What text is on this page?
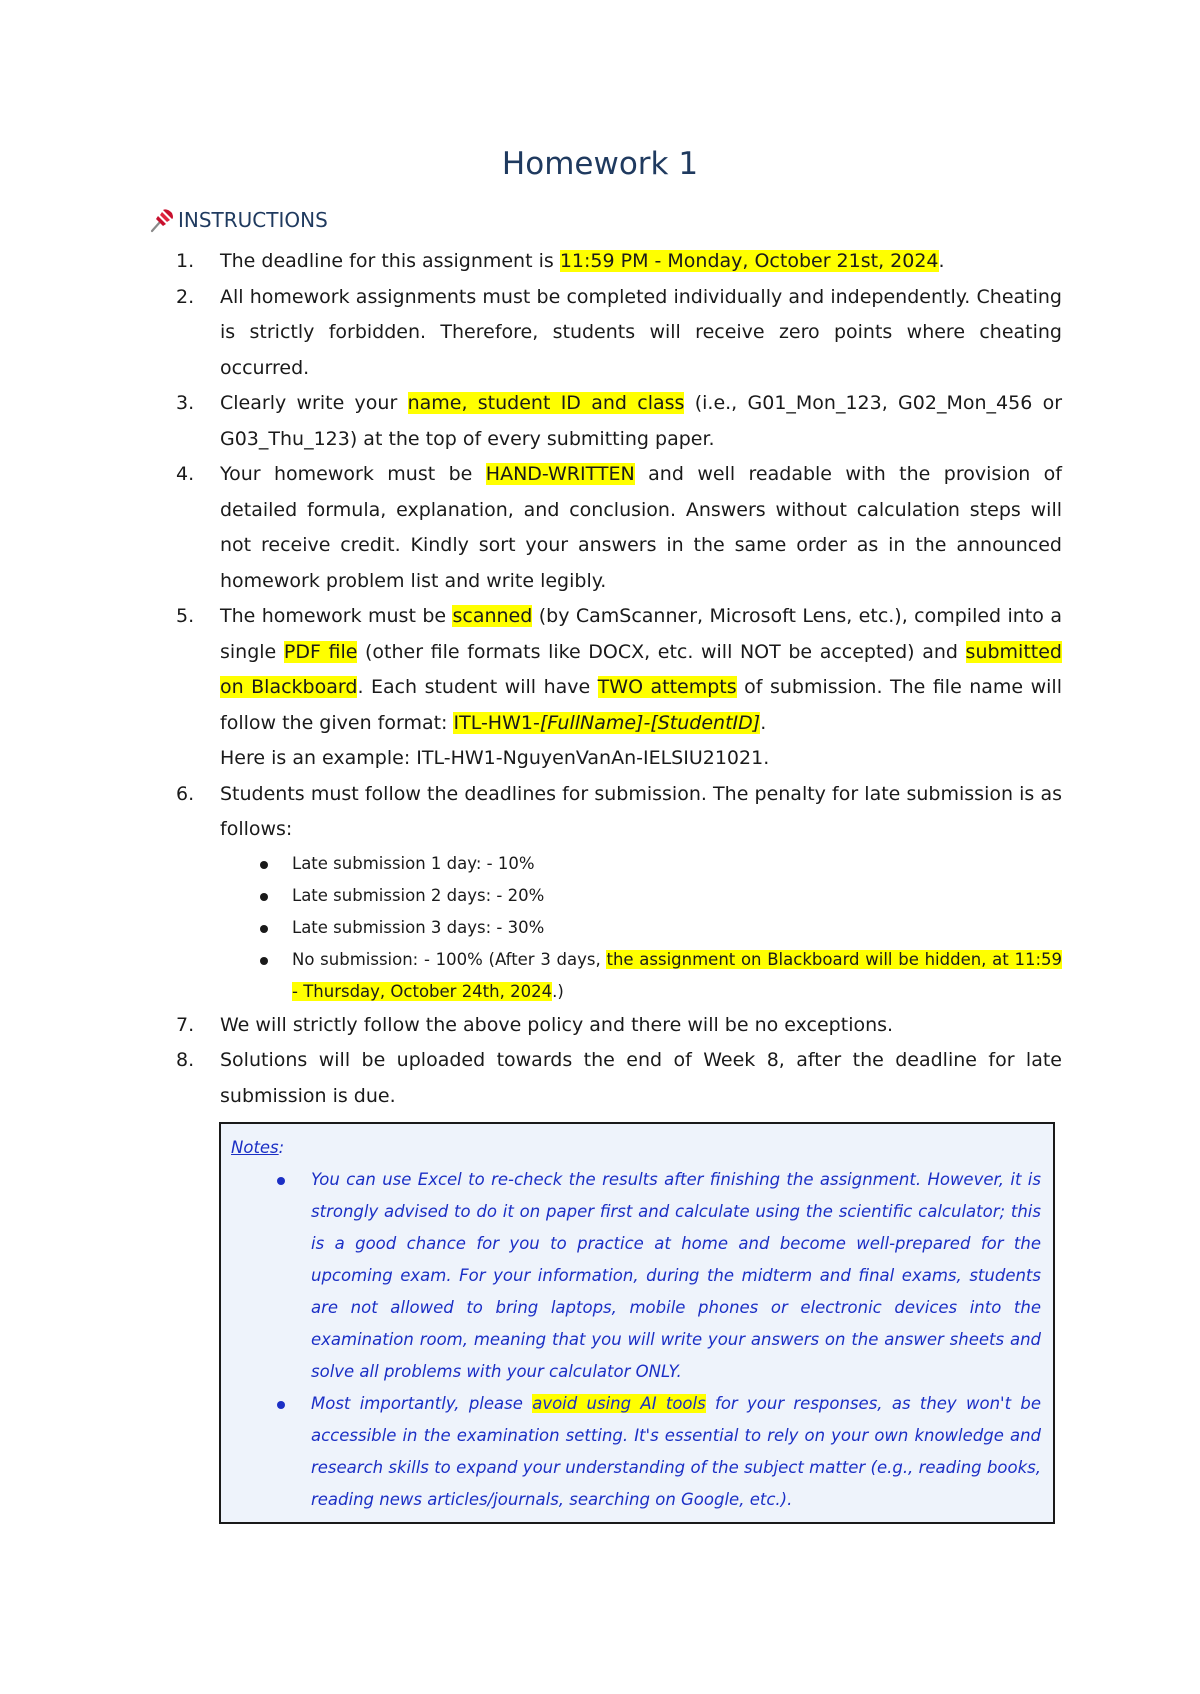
Homework 1
INSTRUCTIONS
1. The deadline for this assignment is 11:59 PM - Monday, October 21st, 2024.
2. All homework assignments must be completed individually and independently. Cheating is strictly forbidden. Therefore, students will receive zero points where cheating occurred.
3. Clearly write your name, student ID and class (i.e., G01_Mon_123, G02_Mon_456 or G03_Thu_123) at the top of every submitting paper.
4. Your homework must be HAND-WRITTEN and well readable with the provision of detailed formula, explanation, and conclusion. Answers without calculation steps will not receive credit. Kindly sort your answers in the same order as in the announced homework problem list and write legibly.
5. The homework must be scanned (by CamScanner, Microsoft Lens, etc.), compiled into a single PDF file (other file formats like DOCX, etc. will NOT be accepted) and submitted on Blackboard. Each student will have TWO attempts of submission. The file name will follow the given format: ITL-HW1-[FullName]-[StudentID].
Here is an example: ITL-HW1-NguyenVanAn-IELSIU21021.
6. Students must follow the deadlines for submission. The penalty for late submission is as follows:
Late submission 1 day: - 10%
Late submission 2 days: - 20%
Late submission 3 days: - 30%
No submission: - 100% (After 3 days, the assignment on Blackboard will be hidden, at 11:59 - Thursday, October 24th, 2024.)
7. We will strictly follow the above policy and there will be no exceptions.
8. Solutions will be uploaded towards the end of Week 8, after the deadline for late submission is due.
Notes:
You can use Excel to re-check the results after finishing the assignment. However, it is strongly advised to do it on paper first and calculate using the scientific calculator; this is a good chance for you to practice at home and become well-prepared for the upcoming exam. For your information, during the midterm and final exams, students are not allowed to bring laptops, mobile phones or electronic devices into the examination room, meaning that you will write your answers on the answer sheets and solve all problems with your calculator ONLY.
Most importantly, please avoid using AI tools for your responses, as they won't be accessible in the examination setting. It's essential to rely on your own knowledge and research skills to expand your understanding of the subject matter (e.g., reading books, reading news articles/journals, searching on Google, etc.).
